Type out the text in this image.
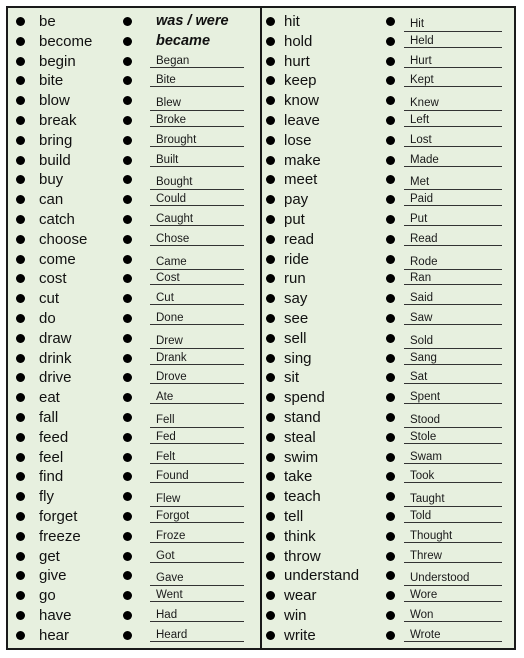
be	was / were
become	became
begin	Began
bite	Bite
blow	Blew
break	Broke
bring	Brought
build	Built
buy	Bought
can	Could
catch	Caught
choose	Chose
come	Came
cost	Cost
cut	Cut
do	Done
draw	Drew
drink	Drank
drive	Drove
eat	Ate
fall	Fell
feed	Fed
feel	Felt
find	Found
fly	Flew
forget	Forgot
freeze	Froze
get	Got
give	Gave
go	Went
have	Had
hear	Heard
hit	Hit
hold	Held
hurt	Hurt
keep	Kept
know	Knew
leave	Left
lose	Lost
make	Made
meet	Met
pay	Paid
put	Put
read	Read
ride	Rode
run	Ran
say	Said
see	Saw
sell	Sold
sing	Sang
sit	Sat
spend	Spent
stand	Stood
steal	Stole
swim	Swam
take	Took
teach	Taught
tell	Told
think	Thought
throw	Threw
understand	Understood
wear	Wore
win	Won
write	Wrote
